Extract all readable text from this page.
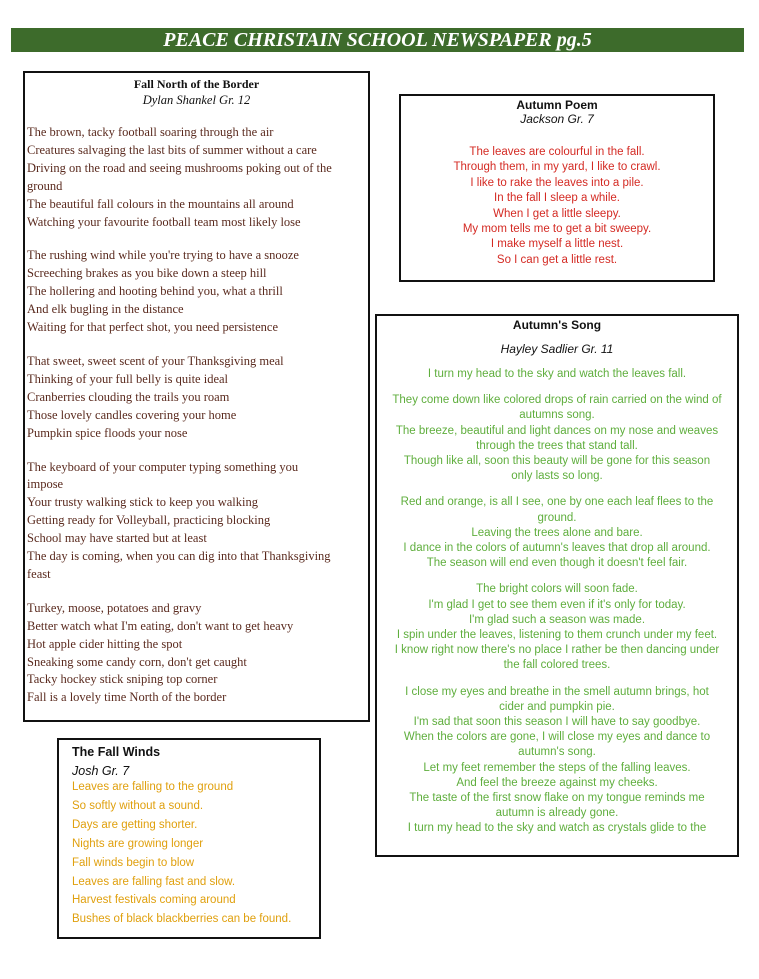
PEACE CHRISTAIN SCHOOL NEWSPAPER pg.5
Fall North of the Border
Dylan Shankel Gr. 12
The brown, tacky football soaring through the air
Creatures salvaging the last bits of summer without a care
Driving on the road and seeing mushrooms poking out of the
ground
The beautiful fall colours in the mountains all around
Watching your favourite football team most likely lose
The rushing wind while you're trying to have a snooze
Screeching brakes as you bike down a steep hill
The hollering and hooting behind you, what a thrill
And elk bugling in the distance
Waiting for that perfect shot, you need persistence
That sweet, sweet scent of your Thanksgiving meal
Thinking of your full belly is quite ideal
Cranberries clouding the trails you roam
Those lovely candles covering your home
Pumpkin spice floods your nose
The keyboard of your computer typing something you
impose
Your trusty walking stick to keep you walking
Getting ready for Volleyball, practicing blocking
School may have started but at least
The day is coming, when you can dig into that Thanksgiving
feast
Turkey, moose, potatoes and gravy
Better watch what I'm eating, don't want to get heavy
Hot apple cider hitting the spot
Sneaking some candy corn, don't get caught
Tacky hockey stick sniping top corner
Fall is a lovely time North of the border
Autumn Poem
Jackson Gr. 7
The leaves are colourful in the fall.
Through them, in my yard, I like to crawl.
I like to rake the leaves into a pile.
In the fall I sleep a while.
When I get a little sleepy.
My mom tells me to get a bit sweepy.
I make myself a little nest.
So I can get a little rest.
Autumn's Song
Hayley Sadlier Gr. 11
I turn my head to the sky and watch the leaves fall.
They come down like colored drops of rain carried on the wind of
autumns song.
The breeze, beautiful and light dances on my nose and weaves
through the trees that stand tall.
Though like all, soon this beauty will be gone for this season
only lasts so long.
Red and orange, is all I see, one by one each leaf flees to the
ground.
Leaving the trees alone and bare.
I dance in the colors of autumn's leaves that drop all around.
The season will end even though it doesn't feel fair.
The bright colors will soon fade.
I'm glad I get to see them even if it's only for today.
I'm glad such a season was made.
I spin under the leaves, listening to them crunch under my feet.
I know right now there's no place I rather be then dancing under
the fall colored trees.
I close my eyes and breathe in the smell autumn brings, hot
cider and pumpkin pie.
I'm sad that soon this season I will have to say goodbye.
When the colors are gone, I will close my eyes and dance to
autumn's song.
Let my feet remember the steps of the falling leaves.
And feel the breeze against my cheeks.
The taste of the first snow flake on my tongue reminds me
autumn is already gone.
I turn my head to the sky and watch as crystals glide to the
The Fall Winds
Josh Gr. 7
Leaves are falling to the ground
So softly without a sound.
Days are getting shorter.
Nights are growing longer
Fall winds begin to blow
Leaves are falling fast and slow.
Harvest festivals coming around
Bushes of black blackberries can be found.
